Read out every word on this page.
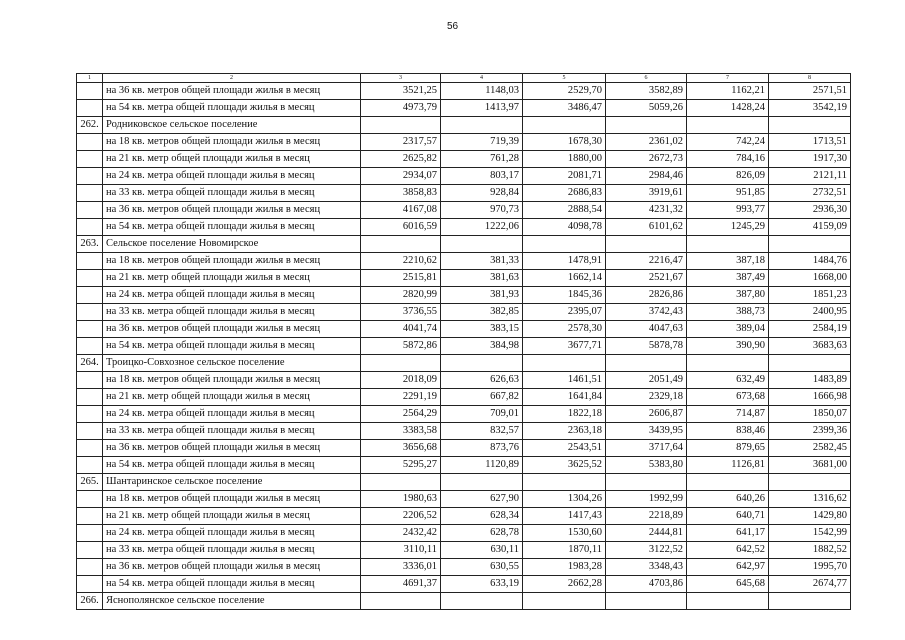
56
1	2	3	4	5	6	7	8
	на 36 кв. метров общей площади жилья в месяц	3521,25	1148,03	2529,70	3582,89	1162,21	2571,51
	на 54 кв. метра общей площади жилья в месяц	4973,79	1413,97	3486,47	5059,26	1428,24	3542,19
262.	Родниковское сельское поселение						
	на 18 кв. метров общей площади жилья в месяц	2317,57	719,39	1678,30	2361,02	742,24	1713,51
	на 21 кв. метр общей площади жилья в месяц	2625,82	761,28	1880,00	2672,73	784,16	1917,30
	на 24 кв. метра общей площади жилья в месяц	2934,07	803,17	2081,71	2984,46	826,09	2121,11
	на 33 кв. метра общей площади жилья в месяц	3858,83	928,84	2686,83	3919,61	951,85	2732,51
	на 36 кв. метров общей площади жилья в месяц	4167,08	970,73	2888,54	4231,32	993,77	2936,30
	на 54 кв. метра общей площади жилья в месяц	6016,59	1222,06	4098,78	6101,62	1245,29	4159,09
263.	Сельское поселение Новомирское						
	на 18 кв. метров общей площади жилья в месяц	2210,62	381,33	1478,91	2216,47	387,18	1484,76
	на 21 кв. метр общей площади жилья в месяц	2515,81	381,63	1662,14	2521,67	387,49	1668,00
	на 24 кв. метра общей площади жилья в месяц	2820,99	381,93	1845,36	2826,86	387,80	1851,23
	на 33 кв. метра общей площади жилья в месяц	3736,55	382,85	2395,07	3742,43	388,73	2400,95
	на 36 кв. метров общей площади жилья в месяц	4041,74	383,15	2578,30	4047,63	389,04	2584,19
	на 54 кв. метра общей площади жилья в месяц	5872,86	384,98	3677,71	5878,78	390,90	3683,63
264.	Троицко-Совхозное сельское поселение						
	на 18 кв. метров общей площади жилья в месяц	2018,09	626,63	1461,51	2051,49	632,49	1483,89
	на 21 кв. метр общей площади жилья в месяц	2291,19	667,82	1641,84	2329,18	673,68	1666,98
	на 24 кв. метра общей площади жилья в месяц	2564,29	709,01	1822,18	2606,87	714,87	1850,07
	на 33 кв. метра общей площади жилья в месяц	3383,58	832,57	2363,18	3439,95	838,46	2399,36
	на 36 кв. метров общей площади жилья в месяц	3656,68	873,76	2543,51	3717,64	879,65	2582,45
	на 54 кв. метра общей площади жилья в месяц	5295,27	1120,89	3625,52	5383,80	1126,81	3681,00
265.	Шантаринское сельское поселение						
	на 18 кв. метров общей площади жилья в месяц	1980,63	627,90	1304,26	1992,99	640,26	1316,62
	на 21 кв. метр общей площади жилья в месяц	2206,52	628,34	1417,43	2218,89	640,71	1429,80
	на 24 кв. метра общей площади жилья в месяц	2432,42	628,78	1530,60	2444,81	641,17	1542,99
	на 33 кв. метра общей площади жилья в месяц	3110,11	630,11	1870,11	3122,52	642,52	1882,52
	на 36 кв. метров общей площади жилья в месяц	3336,01	630,55	1983,28	3348,43	642,97	1995,70
	на 54 кв. метра общей площади жилья в месяц	4691,37	633,19	2662,28	4703,86	645,68	2674,77
266.	Яснополянское сельское поселение						
